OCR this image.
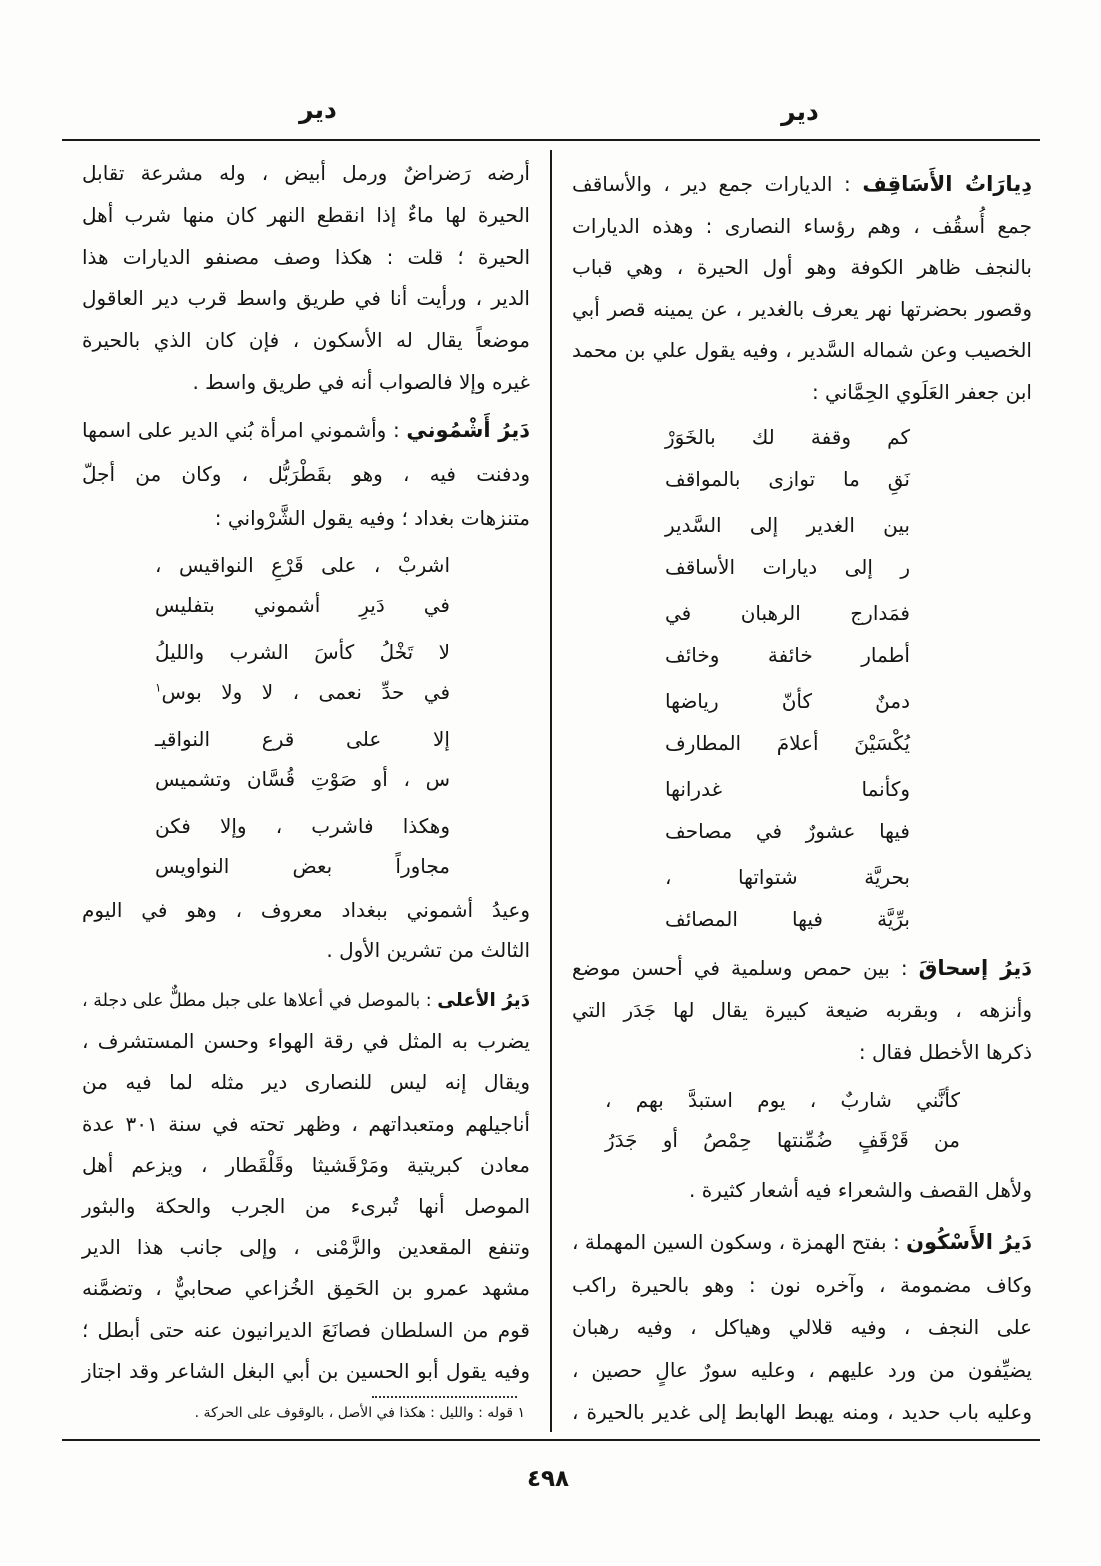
دير
دير
دِيارَاتُ الأَسَاقِف : الديارات جمع دير ، والأساقف
جمع أُسقُف ، وهم رؤساء النصارى : وهذه الديارات
بالنجف ظاهر الكوفة وهو أول الحيرة ، وهي قباب
وقصور بحضرتها نهر يعرف بالغدير ، عن يمينه قصر أبي
الخصيب وعن شماله السَّدير ، وفيه يقول علي بن محمد
ابن جعفر العَلَوي الحِمَّاني :
كم وقفة لك بالخَوَرْ
نَقِ ما توازى بالمواقف
بين الغدير إلى السَّدير
ر إلى ديارات الأساقف
فمَدارج الرهبان في
أطمار خائفة وخائف
دمنٌ كأنّ رياضها
يُكْسَيْنَ أعلامَ المطارف
وكأنما غدرانها
فيها عشورٌ في مصاحف
بحريَّة شتواتها ،
برِّيَّة فيها المصائف
دَيرُ إسحاقَ : بين حمص وسلمية في أحسن موضع
وأنزهه ، وبقربه ضيعة كبيرة يقال لها جَدَر التي
ذكرها الأخطل فقال :
كأنَّني شاربٌ ، يوم استبدَّ بهم ،
من قَرْقَفٍ ضُمِّنتها حِمْصُ أو جَدَرُ
ولأهل القصف والشعراء فيه أشعار كثيرة .
دَيرُ الأَسْكُون : بفتح الهمزة ، وسكون السين المهملة ،
وكاف مضمومة ، وآخره نون : وهو بالحيرة راكب
على النجف ، وفيه قلالي وهياكل ، وفيه رهبان
يضيِّفون من ورد عليهم ، وعليه سورٌ عالٍ حصين ،
وعليه باب حديد ، ومنه يهبط الهابط إلى غدير بالحيرة ،
أرضه رَضراضٌ ورمل أبيض ، وله مشرعة تقابل
الحيرة لها ماءٌ إذا انقطع النهر كان منها شرب أهل
الحيرة ؛ قلت : هكذا وصف مصنفو الديارات هذا
الدير ، ورأيت أنا في طريق واسط قرب دير العاقول
موضعاً يقال له الأسكون ، فإن كان الذي بالحيرة
غيره وإلا فالصواب أنه في طريق واسط .
دَيرُ أَشْمُوني : وأشموني امرأة بُني الدير على اسمها
ودفنت فيه ، وهو بقَطْرَبُّل ، وكان من أجلّ
متنزهات بغداد ؛ وفيه يقول الشَّرْواني :
اشربْ ، على قَرْعِ النواقيس ،
في دَيرِ أشموني بتفليس
لا تَخْلُ كأسَ الشرب والليلُ
في حدِّ نعمى ، لا ولا بوس$^١$
إلا على قرع النواقيـ
س ، أو صَوْتِ قُسَّان وتشميس
وهكذا فاشرب ، وإلا فكن
مجاوراً بعض النواويس
وعيدُ أشموني ببغداد معروف ، وهو في اليوم
الثالث من تشرين الأول .
دَيرُ الأعلى : بالموصل في أعلاها على جبل مطلٌّ على دجلة ،
يضرب به المثل في رقة الهواء وحسن المستشرف ،
ويقال إنه ليس للنصارى دير مثله لما فيه من
أناجيلهم ومتعبداتهم ، وظهر تحته في سنة ٣٠١ عدة
معادن كبريتية ومَرْقَشيثا وقَلْقَطار ، ويزعم أهل
الموصل أنها تُبرىء من الجرب والحكة والبثور
وتنفع المقعدين والزَّمْنى ، وإلى جانب هذا الدير
مشهد عمرو بن الحَمِق الخُزاعي صحابيٌّ ، وتضمَّنه
قوم من السلطان فصانَعَ الديرانيون عنه حتى أبطل ؛
وفيه يقول أبو الحسين بن أبي البغل الشاعر وقد اجتاز
١ قوله : والليل : هكذا في الأصل ، بالوقوف على الحركة .
٤٩٨
